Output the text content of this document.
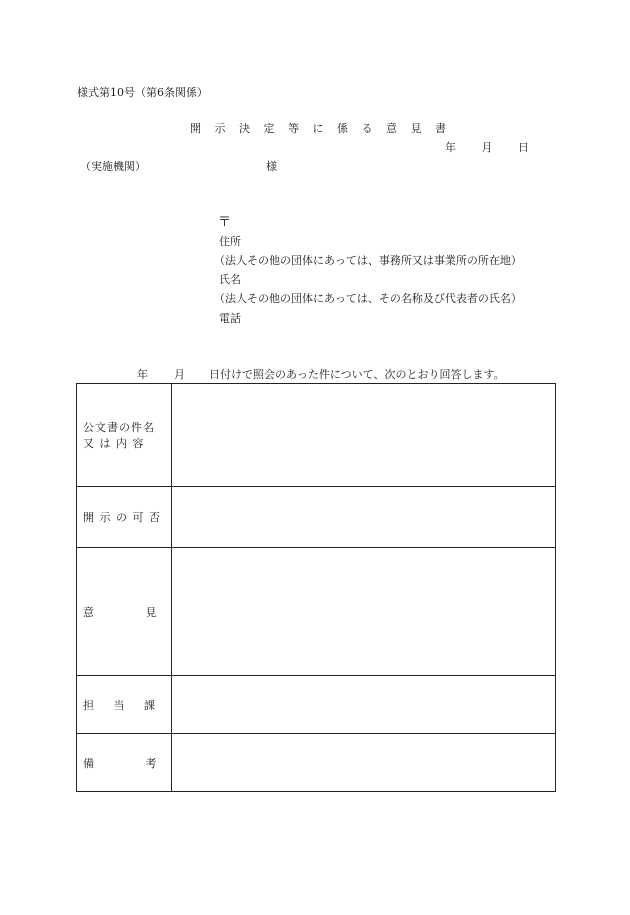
様式第10号（第6条関係）
開 示 決 定 等 に 係 る 意 見 書
年 月 日
（実施機関）	様
〒
住所
（法人その他の団体にあっては、事務所又は事業所の所在地）
氏名
（法人その他の団体にあっては、その名称及び代表者の氏名）
電話
年 月 日付けで照会のあった件について、次のとおり回答します。
公文書の件名
又 は 内 容	

開 示 の 可 否	
意 見	
担 当 課	
備 考	
